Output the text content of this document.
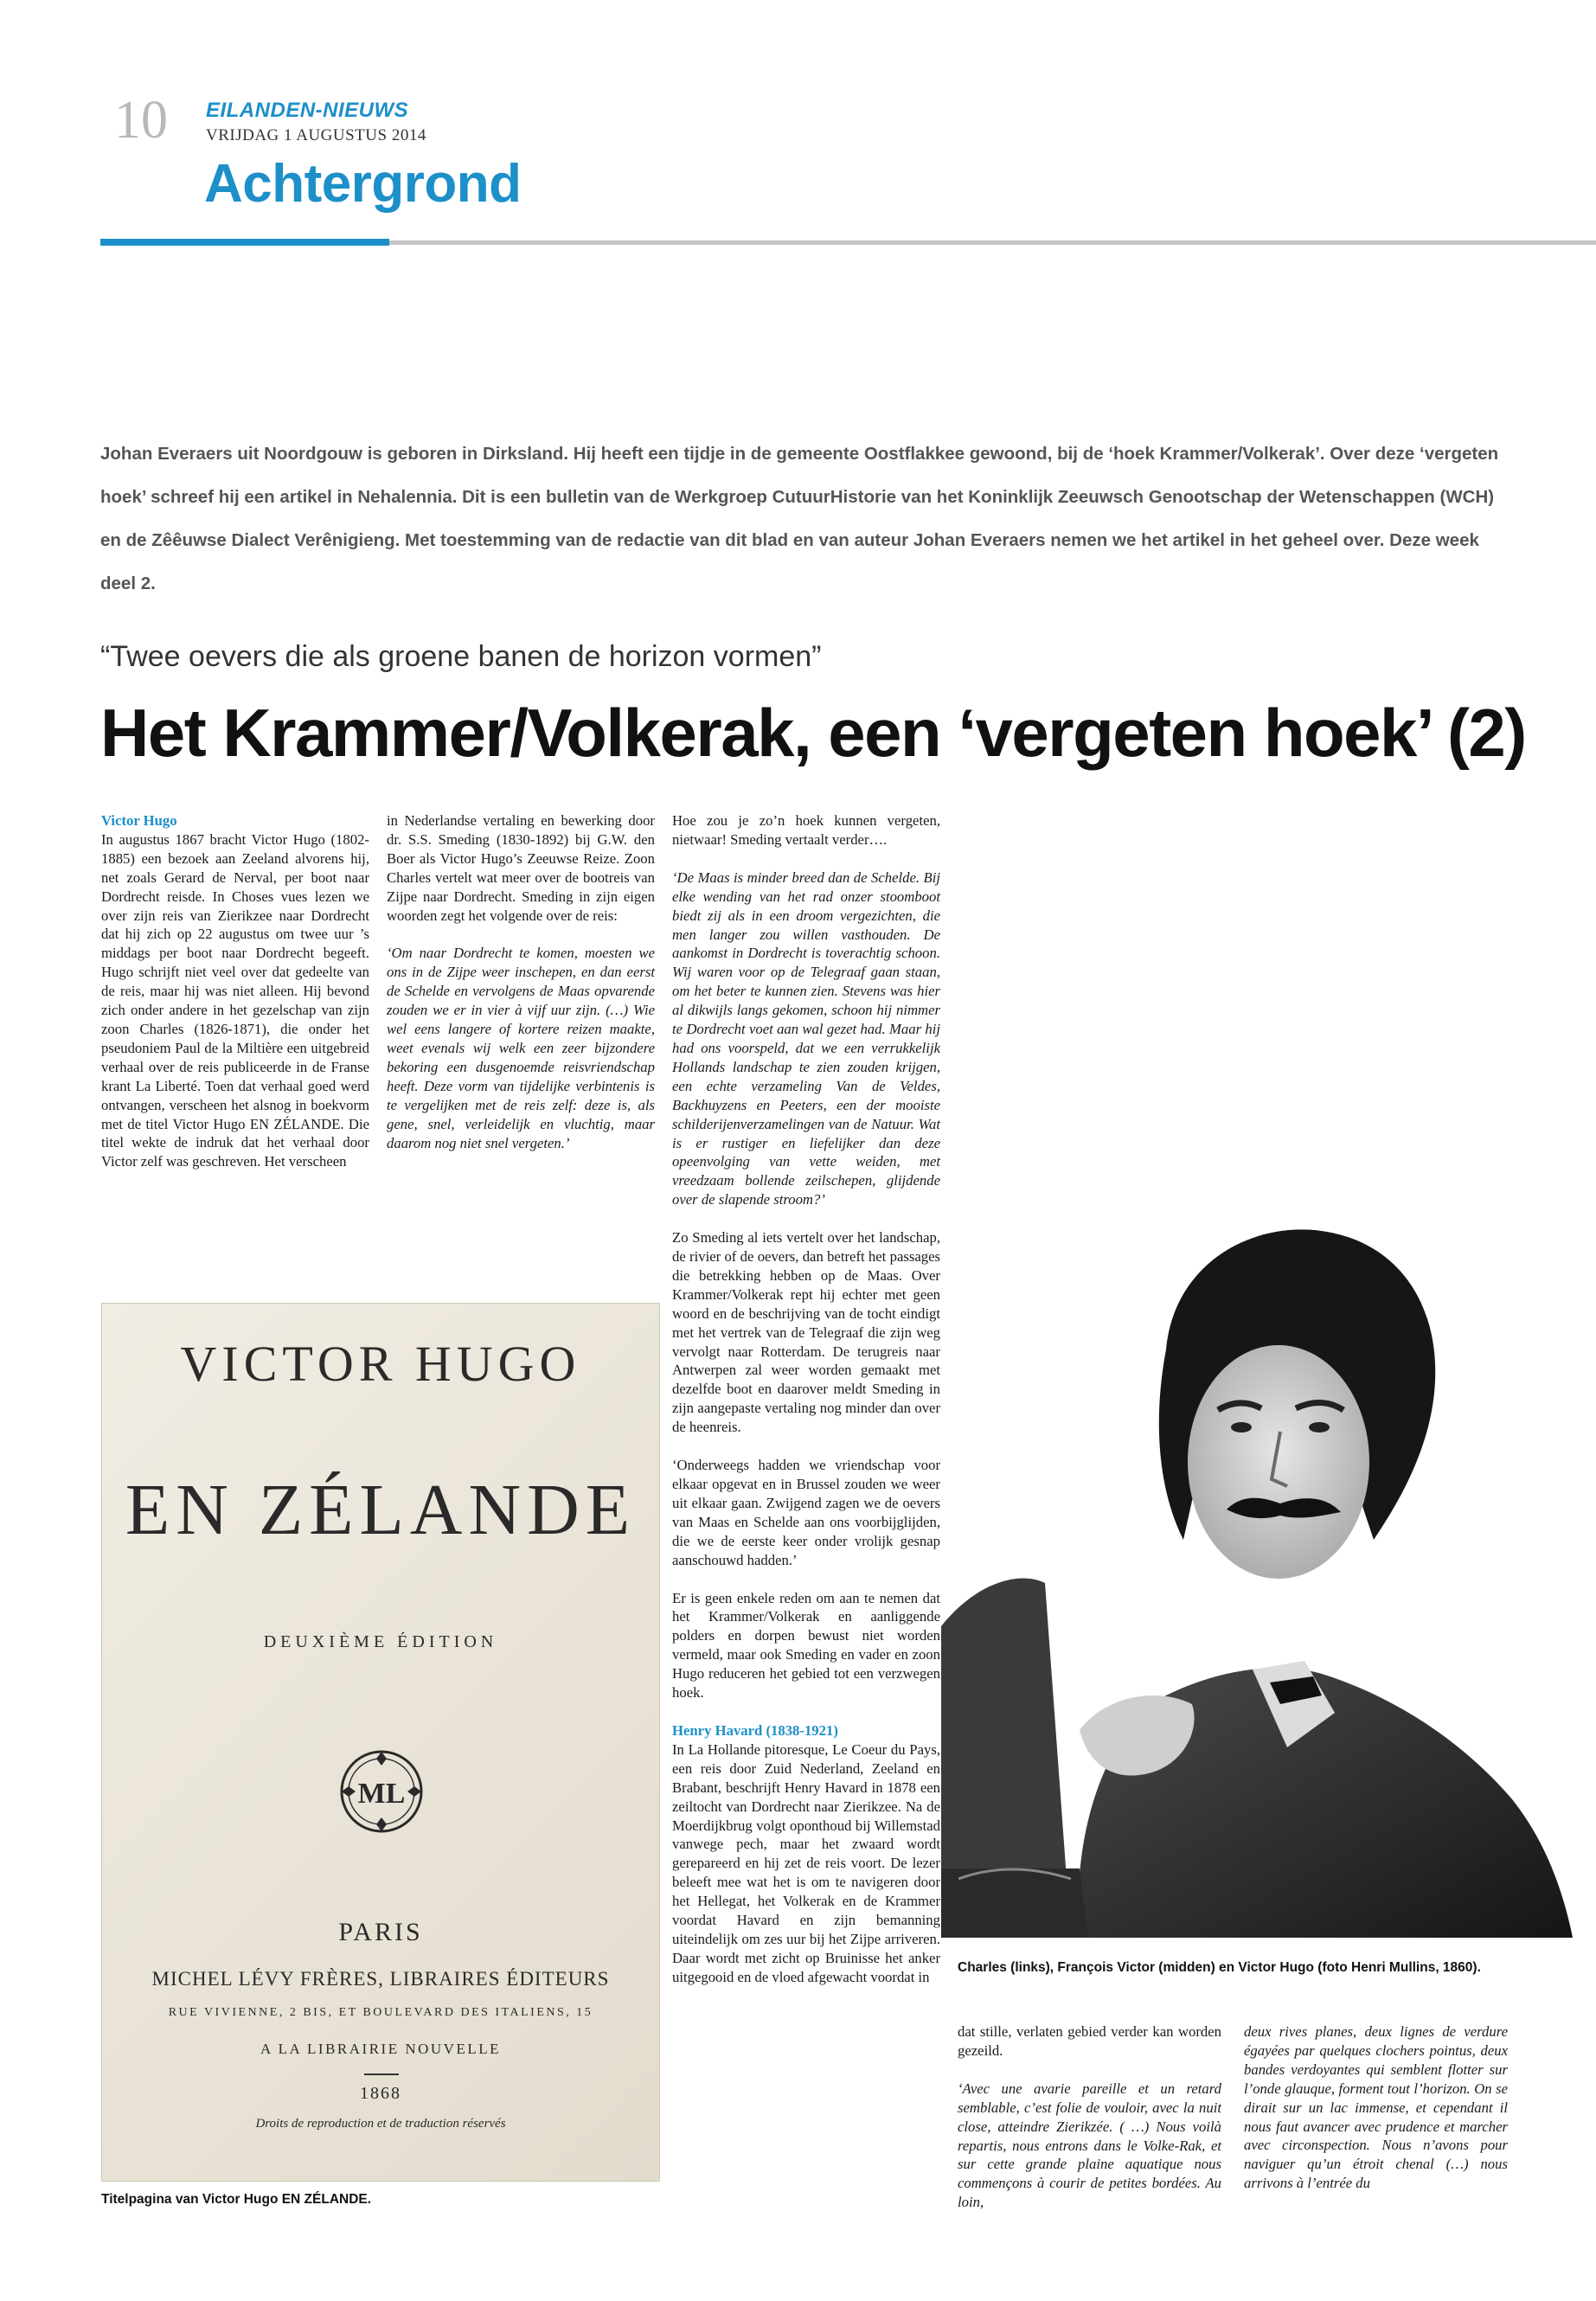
10 EILANDEN-NIEUWS
VRIJDAG 1 AUGUSTUS 2014
Achtergrond
Johan Everaers uit Noordgouw is geboren in Dirksland. Hij heeft een tijdje in de gemeente Oostflakkee gewoond, bij de ‘hoek Krammer/Volkerak’. Over deze ‘vergeten hoek’ schreef hij een artikel in Nehalennia. Dit is een bulletin van de Werkgroep CutuurHistorie van het Koninklijk Zeeuwsch Genootschap der Wetenschappen (WCH) en de Zêêuwse Dialect Verênigieng. Met toestemming van de redactie van dit blad en van auteur Johan Everaers nemen we het artikel in het geheel over. Deze week deel 2.
“Twee oevers die als groene banen de horizon vormen”
Het Krammer/Volkerak, een ‘vergeten hoek’ (2)

Victor Hugo
In augustus 1867 bracht Victor Hugo (1802-1885) een bezoek aan Zeeland alvorens hij, net zoals Gerard de Nerval, per boot naar Dordrecht reisde. In Choses vues lezen we over zijn reis van Zierikzee naar Dordrecht dat hij zich op 22 augustus om twee uur ’s middags per boot naar Dordrecht begeeft. Hugo schrijft niet veel over dat gedeelte van de reis, maar hij was niet alleen. Hij bevond zich onder andere in het gezelschap van zijn zoon Charles (1826-1871), die onder het pseudoniem Paul de la Miltière een uitgebreid verhaal over de reis publiceerde in de Franse krant La Liberté. Toen dat verhaal goed werd ontvangen, verscheen het alsnog in boekvorm met de titel Victor Hugo EN ZÉLANDE. Die titel wekte de indruk dat het verhaal door Victor zelf was geschreven. Het verscheen

in Nederlandse vertaling en bewerking door dr. S.S. Smeding (1830-1892) bij G.W. den Boer als Victor Hugo’s Zeeuwse Reize. Zoon Charles vertelt wat meer over de bootreis van Zijpe naar Dordrecht. Smeding in zijn eigen woorden zegt het volgende over de reis:

‘Om naar Dordrecht te komen, moesten we ons in de Zijpe weer inschepen, en dan eerst de Schelde en vervolgens de Maas opvarende zouden we er in vier à vijf uur zijn. (…) Wie wel eens langere of kortere reizen maakte, weet evenals wij welk een zeer bijzondere bekoring een dusgenoemde reisvriendschap heeft. Deze vorm van tijdelijke verbintenis is te vergelijken met de reis zelf: deze is, als gene, snel, verleidelijk en vluchtig, maar daarom nog niet snel vergeten.’

Hoe zou je zo’n hoek kunnen vergeten, nietwaar! Smeding vertaalt verder….

‘De Maas is minder breed dan de Schelde. Bij elke wending van het rad onzer stoomboot biedt zij als in een droom vergezichten, die men langer zou willen vasthouden. De aankomst in Dordrecht is toverachtig schoon. Wij waren voor op de Telegraaf gaan staan, om het beter te kunnen zien. Stevens was hier al dikwijls langs gekomen, schoon hij nimmer te Dordrecht voet aan wal gezet had. Maar hij had ons voorspeld, dat we een verrukkelijk Hollands landschap te zien zouden krijgen, een echte verzameling Van de Veldes, Backhuyzens en Peeters, een der mooiste schilderijenverzamelingen van de Natuur. Wat is er rustiger en liefelijker dan deze opeenvolging van vette weiden, met vreedzaam bollende zeilschepen, glijdende over de slapende stroom?’

Zo Smeding al iets vertelt over het landschap, de rivier of de oevers, dan betreft het passages die betrekking hebben op de Maas. Over Krammer/Volkerak rept hij echter met geen woord en de beschrijving van de tocht eindigt met het vertrek van de Telegraaf die zijn weg vervolgt naar Rotterdam. De terugreis naar Antwerpen zal weer worden gemaakt met dezelfde boot en daarover meldt Smeding in zijn aangepaste vertaling nog minder dan over de heenreis.

‘Onderweegs hadden we vriendschap voor elkaar opgevat en in Brussel zouden we weer uit elkaar gaan. Zwijgend zagen we de oevers van Maas en Schelde aan ons voorbijglijden, die we de eerste keer onder vrolijk gesnap aanschouwd hadden.’

Er is geen enkele reden om aan te nemen dat het Krammer/Volkerak en aanliggende polders en dorpen bewust niet worden vermeld, maar ook Smeding en vader en zoon Hugo reduceren het gebied tot een verzwegen hoek.

Henry Havard (1838-1921)
In La Hollande pitoresque, Le Coeur du Pays, een reis door Zuid Nederland, Zeeland en Brabant, beschrijft Henry Havard in 1878 een zeiltocht van Dordrecht naar Zierikzee. Na de Moerdijkbrug volgt oponthoud bij Willemstad vanwege pech, maar het zwaard wordt gerepareerd en hij zet de reis voort. De lezer beleeft mee wat het is om te navigeren door het Hellegat, het Volkerak en de Krammer voordat Havard en zijn bemanning uiteindelijk om zes uur bij het Zijpe arriveren. Daar wordt met zicht op Bruinisse het anker uitgegooid en de vloed afgewacht voordat in

dat stille, verlaten gebied verder kan worden gezeild.

‘Avec une avarie pareille et un retard semblable, c’est folie de vouloir, avec la nuit close, atteindre Zierikzée. ( …) Nous voilà repartis, nous entrons dans le Volke-Rak, et sur cette grande plaine aquatique nous commençons à courir de petites bordées. Au loin,

deux rives planes, deux lignes de verdure égayées par quelques clochers pointus, deux bandes verdoyantes qui semblent flotter sur l’onde glauque, forment tout l’horizon. On se dirait sur un lac immense, et cependant il nous faut avancer avec prudence et marcher avec circonspection. Nous n’avons pour naviguer qu’un étroit chenal (…) nous arrivons à l’entrée du

VICTOR HUGO
EN ZÉLANDE
DEUXIÈME ÉDITION
ML
PARIS
MICHEL LÉVY FRÈRES, LIBRAIRES ÉDITEURS
RUE VIVIENNE, 2 BIS, ET BOULEVARD DES ITALIENS, 15
A LA LIBRAIRIE NOUVELLE
1868
Droits de reproduction et de traduction réservés
Titelpagina van Victor Hugo EN ZÉLANDE.
Charles (links), François Victor (midden) en Victor Hugo (foto Henri Mullins, 1860).
